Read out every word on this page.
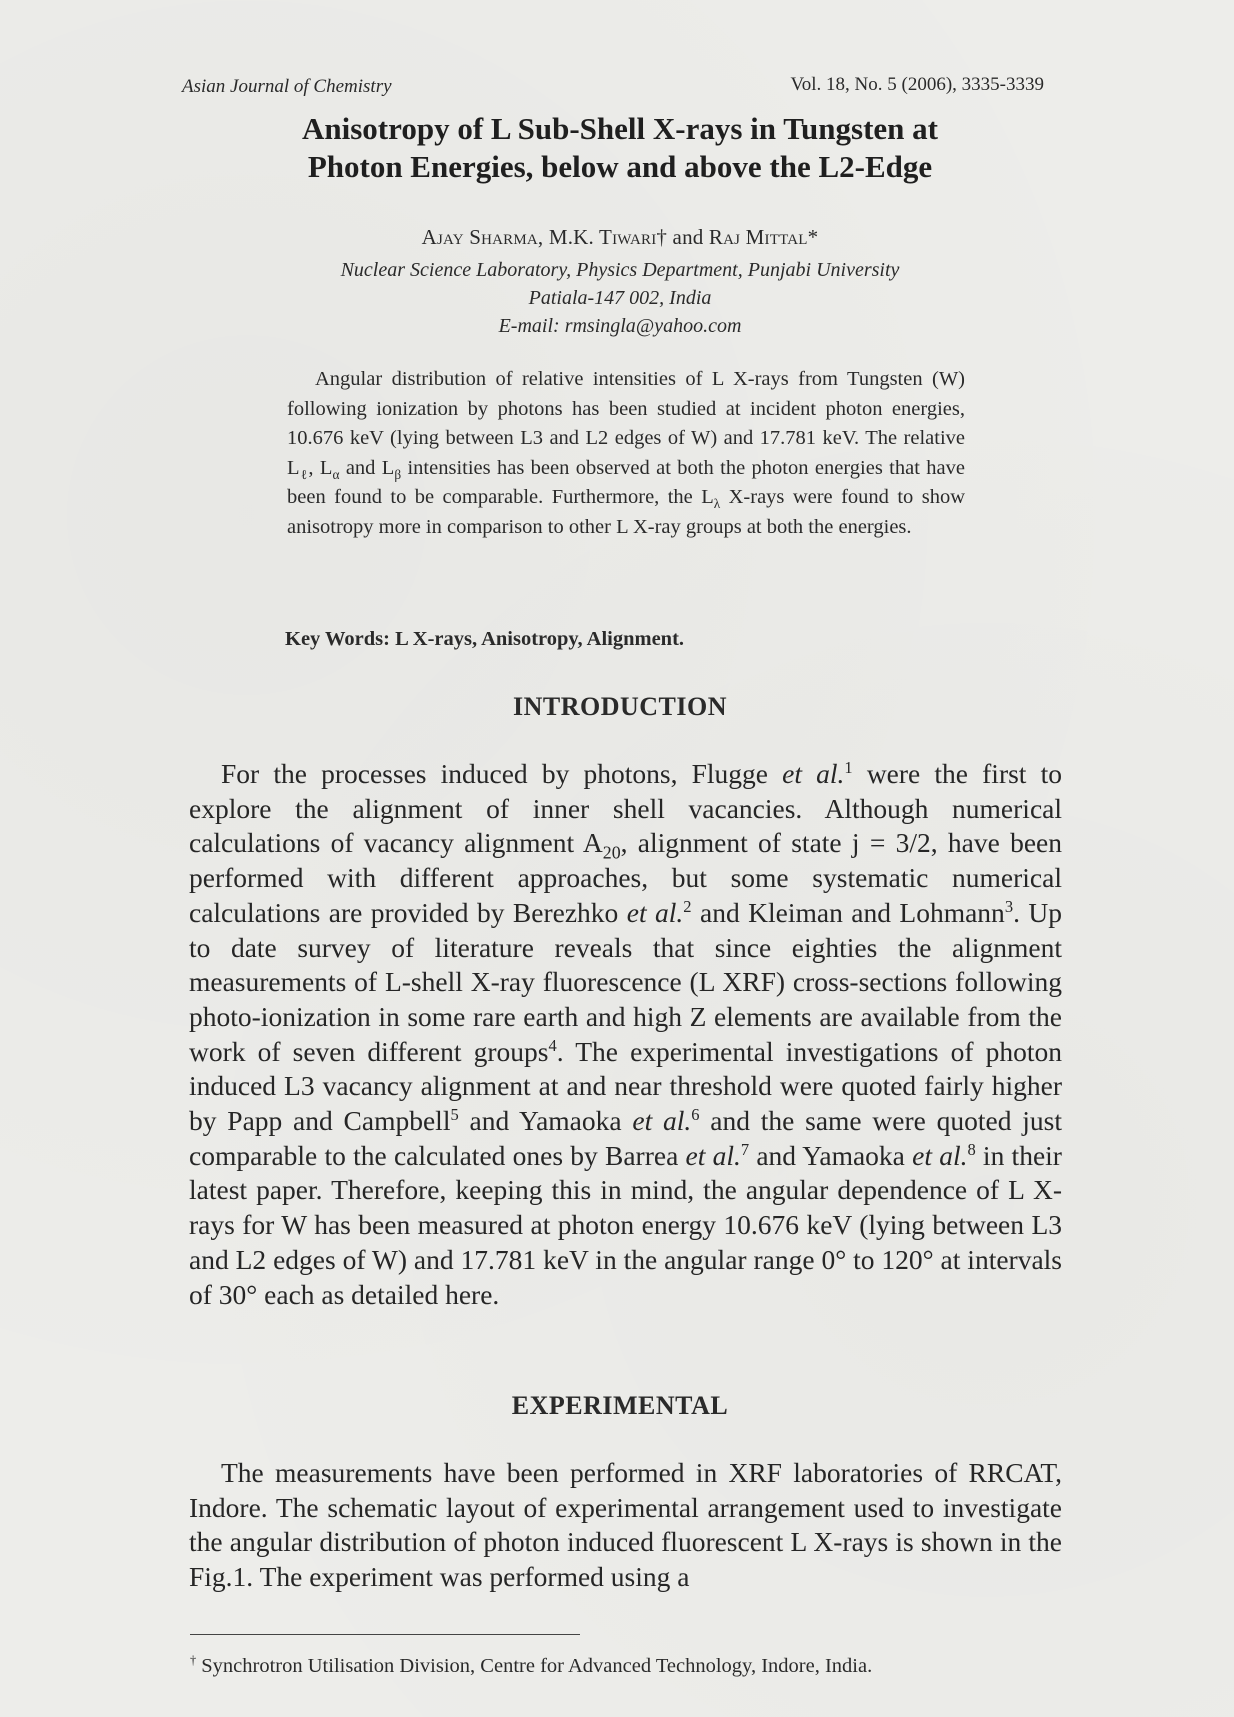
Asian Journal of Chemistry	Vol. 18, No. 5 (2006), 3335-3339
Anisotropy of L Sub-Shell X-rays in Tungsten at
Photon Energies, below and above the L2-Edge
Ajay Sharma, M.K. Tiwari† and Raj Mittal*
Nuclear Science Laboratory, Physics Department, Punjabi University
Patiala-147 002, India
E-mail: rmsingla@yahoo.com
Angular distribution of relative intensities of L X-rays from Tungsten (W) following ionization by photons has been studied at incident photon energies, 10.676 keV (lying between L3 and L2 edges of W) and 17.781 keV. The relative $L_\ell$, $L_\alpha$ and $L_\beta$ intensities has been observed at both the photon energies that have been found to be comparable. Furthermore, the $L_\lambda$ X-rays were found to show anisotropy more in comparison to other L X-ray groups at both the energies.
Key Words: L X-rays, Anisotropy, Alignment.
INTRODUCTION
For the processes induced by photons, Flugge et al.$^1$ were the first to explore the alignment of inner shell vacancies. Although numerical calculations of vacancy alignment $A_{20}$, alignment of state j = 3/2, have been performed with different approaches, but some systematic numerical calculations are provided by Berezhko et al.$^2$ and Kleiman and Lohmann$^3$. Up to date survey of literature reveals that since eighties the alignment measurements of L-shell X-ray fluorescence (L XRF) cross-sections following photo-ionization in some rare earth and high Z elements are available from the work of seven different groups$^4$. The experimental investigations of photon induced L3 vacancy alignment at and near threshold were quoted fairly higher by Papp and Campbell$^5$ and Yamaoka et al.$^6$ and the same were quoted just comparable to the calculated ones by Barrea et al.$^7$ and Yamaoka et al.$^8$ in their latest paper. Therefore, keeping this in mind, the angular dependence of L X-rays for W has been measured at photon energy 10.676 keV (lying between L3 and L2 edges of W) and 17.781 keV in the angular range 0° to 120° at intervals of 30° each as detailed here.
EXPERIMENTAL
The measurements have been performed in XRF laboratories of RRCAT, Indore. The schematic layout of experimental arrangement used to investigate the angular distribution of photon induced fluorescent L X-rays is shown in the Fig.1. The experiment was performed using a
† Synchrotron Utilisation Division, Centre for Advanced Technology, Indore, India.
